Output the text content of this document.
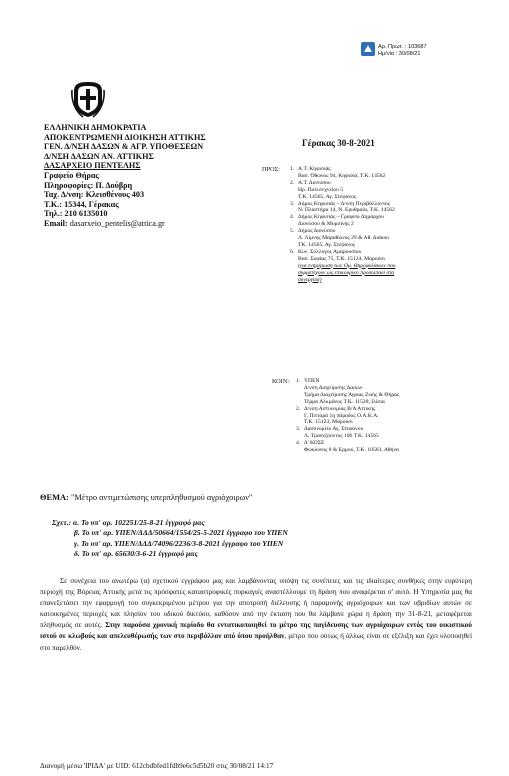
Αρ. Πρωτ. : 103687
Ημ/νία : 30/08/21
ΕΛΛΗΝΙΚΗ ΔΗΜΟΚΡΑΤΙΑ
ΑΠΟΚΕΝΤΡΩΜΕΝΗ ΔΙΟΙΚΗΣΗ ΑΤΤΙΚΗΣ
ΓΕΝ. Δ/ΝΣΗ ΔΑΣΩΝ & ΑΓΡ. ΥΠΟΘΕΣΕΩΝ
Δ/ΝΣΗ ΔΑΣΩΝ ΑΝ. ΑΤΤΙΚΗΣ
ΔΑΣΑΡΧΕΙΟ ΠΕΝΤΕΛΗΣ
Γραφείο Θήρας
Πληροφορίες: Π. Δούβρη
Ταχ. Δ/νση: Κλεισθένους 403
Τ.Κ.: 15344, Γέρακας
Τηλ.: 210 6135010
Email: dasarxeio_pentelis@attica.gr
Γέρακας 30-8-2021
ΠΡΟΣ: 1. Α.Τ. Κηφισιάς
Βασ. Όθωνος 94, Κηφισιά, Τ.Κ. 14562
2. Α.Τ. Διονύσου
Ηρ. Πολυτεχνείου 5
Τ.Κ. 14565, Αγ. Στέφανος
3. Δήμος Κηφισιάς – Δ/νση Περιβάλλοντος
Ν. Πλαστήρα 14, Ν. Ερυθραία, Τ.Κ. 14562
4. Δήμος Κηφισιάς – Γραφείο Δημάρχου
Διονύσου & Μυρσίνης 2
5. Δήμος Διονύσου
Λ. Λίμνης Μαραθώνος 29 & Αθ. Διάκου
ΤΚ. 14565, Αγ. Στέφανος
6. Κυν. Σύλλογος Αμαρουσίου
Βασ. Σοφίας 75, Τ.Κ. 15124, Μαρούσι
(για ενημέρωση των Ομ. Θηροφυλάκων που
συμμετέχουν ως επικουρικό προσωπικό στα
συνεργεία)
ΚΟΙΝ: 1. ΥΠΕΝ
Δ/νση Διαχείρισης Δασών
Τμήμα Διαχείρισης Άγριας Ζωής & Θήρας
Τέρμα Αλκμάνος Τ.Κ. 11528, Ιλίσια
2. Δ/νση Αστυνομίας Β/Α Αττικής
Γ. Πιτταρά 1η πάροδος Ο.Α.Κ.Α.
Τ.Κ. 15123, Μαρούσι
3. Δασονομείο Αγ. Στεφάνου
Λ. Τραπεζούντος 106 Τ.Κ. 14565
4. Δ' ΚΟΣΕ
Φωκίωνος 8 & Ερμού, Τ.Κ. 10563, Αθήνα
ΘΕΜΑ: "Μέτρο αντιμετώπισης υπερπληθυσμού αγριόχοιρων"
Σχετ.: α. Το υπ' αρ. 102251/25-8-21 έγγραφό μας
β. Το υπ' αρ. ΥΠΕΝ/ΔΔΔ/50664/1554/25-5-2021 έγγραφο του ΥΠΕΝ
γ. Το υπ' αρ. ΥΠΕΝ/ΔΔΔ/74096/2236/3-8-2021 έγγραφο του ΥΠΕΝ
δ. Το υπ' αρ. 65630/3-6-21 έγγραφό μας

Σε συνέχεια του ανωτέρω (α) σχετικού εγγράφου μας και λαμβάνοντας υπόψη τις συνέπειες και τις ιδιαίτερες συνθήκες στην ευρύτερη περιοχή της Βόρειας Αττικής μετά τις πρόσφατες καταστροφικές πυρκαγιές αναστέλλουμε τη δράση που αναφέρεται σ' αυτό. Η Υπηρεσία μας θα επανεξετάσει την εφαρμογή του συγκεκριμένου μέτρου για την αποτροπή διέλευσης ή παραμονής αγριόχοιρων και των υβριδίων αυτών σε κατοικημένες περιοχές και πλησίον του οδικού δικτύου, καθόσον από την έκταση που θα λάμβανε χώρα η δράση την 31-8-21, μεταφέρεται πληθυσμός σε αυτές. Στην παρούσα χρονική περίοδο θα εντατικοποιηθεί το μέτρο της παγίδευσης των αγριόχοιρων εντός του οικιστικού ιστού σε κλωβούς και απελευθέρωσής των στο περιβάλλον από όπου προήλθαν, μέτρο που ούτως ή άλλως είναι σε εξέλιξη και έχει υλοποιηθεί στο παρελθόν.

Διανομή μέσω 'ΙΡΙΔΑ' με UID: 612cbdbfed1fdb9e6c5d5b20 στις 30/08/21 14:17
